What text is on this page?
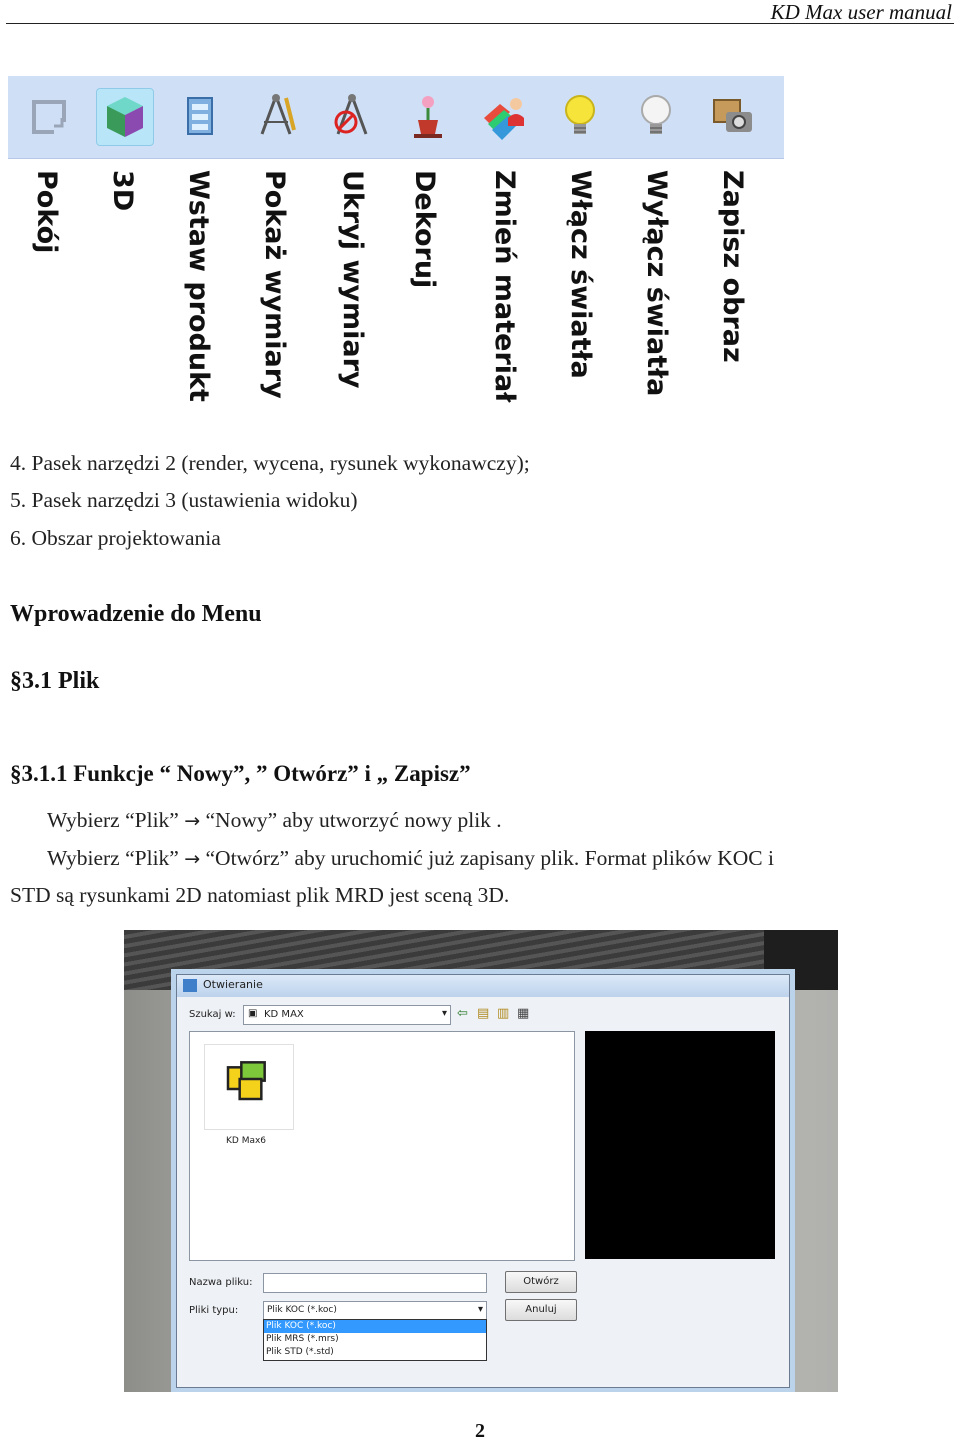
KD Max user manual
Pokój 3D Wstaw produkt Pokaż wymiary Ukryj wymiary Dekoruj Zmień materiał Włącz światła Wyłącz światła Zapisz obraz
4. Pasek narzędzi 2 (render, wycena, rysunek wykonawczy);
5. Pasek narzędzi 3 (ustawienia widoku)
6. Obszar projektowania
Wprowadzenie do Menu
§3.1 Plik
§3.1.1 Funkcje “ Nowy”, ” Otwórz” i „ Zapisz”
Wybierz “Plik” → “Nowy” aby utworzyć nowy plik .
Wybierz “Plik” → “Otwórz” aby uruchomić już zapisany plik. Format plików KOC i
STD są rysunkami 2D natomiast plik MRD jest sceną 3D.
Otwieranie
Szukaj w: ▣ KD MAX	▾ ⇦ ▤ ▥ ▦
KD Max6
Nazwa pliku:	Otwórz
Pliki typu:	Plik KOC (*.koc)	▾	Anuluj
Plik KOC (*.koc)
Plik MRS (*.mrs)
Plik STD (*.std)
2
